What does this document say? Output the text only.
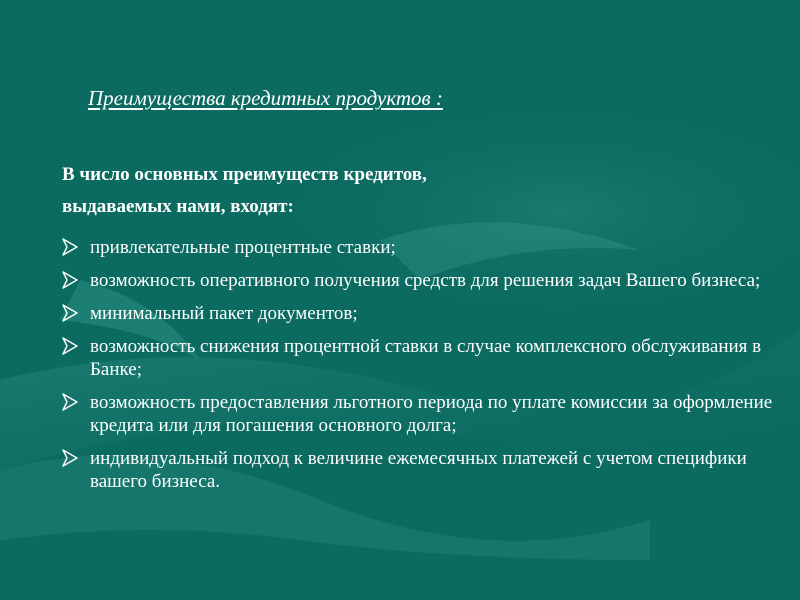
Преимущества кредитных продуктов :

В число основных преимуществ кредитов,
выдаваемых нами, входят:

привлекательные процентные ставки;
возможность оперативного получения средств для решения задач Вашего бизнеса;
минимальный пакет документов;
возможность снижения процентной ставки в случае комплексного обслуживания в Банке;
возможность предоставления льготного периода по уплате комиссии за оформление кредита или для погашения основного долга;
индивидуальный подход к величине ежемесячных платежей с учетом специфики вашего бизнеса.
